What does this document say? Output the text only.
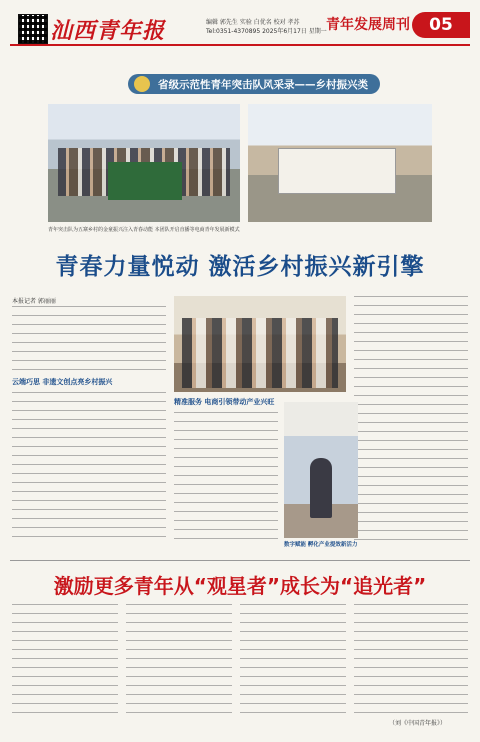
汕西青年报	编辑 郭先生 实验 白优名 校对 孝苏
Tel:0351-4370895 2025年6月17日 星期一 青年发展周刊	05
省级示范性青年突击队风采录——乡村振兴类
青年突击队为五寨乡村的金童振兴注入青春动能 本团队开启直播等电商青年发展新模式
青春力量悦动 激活乡村振兴新引擎
本报记者 郭丽丽
云端巧思 非遗文创点亮乡村振兴
精准服务 电商引领带动产业兴旺
数字赋能 孵化产业提效新活力
激励更多青年从“观星者”成长为“追光者”
（刘《中国青年报》）
